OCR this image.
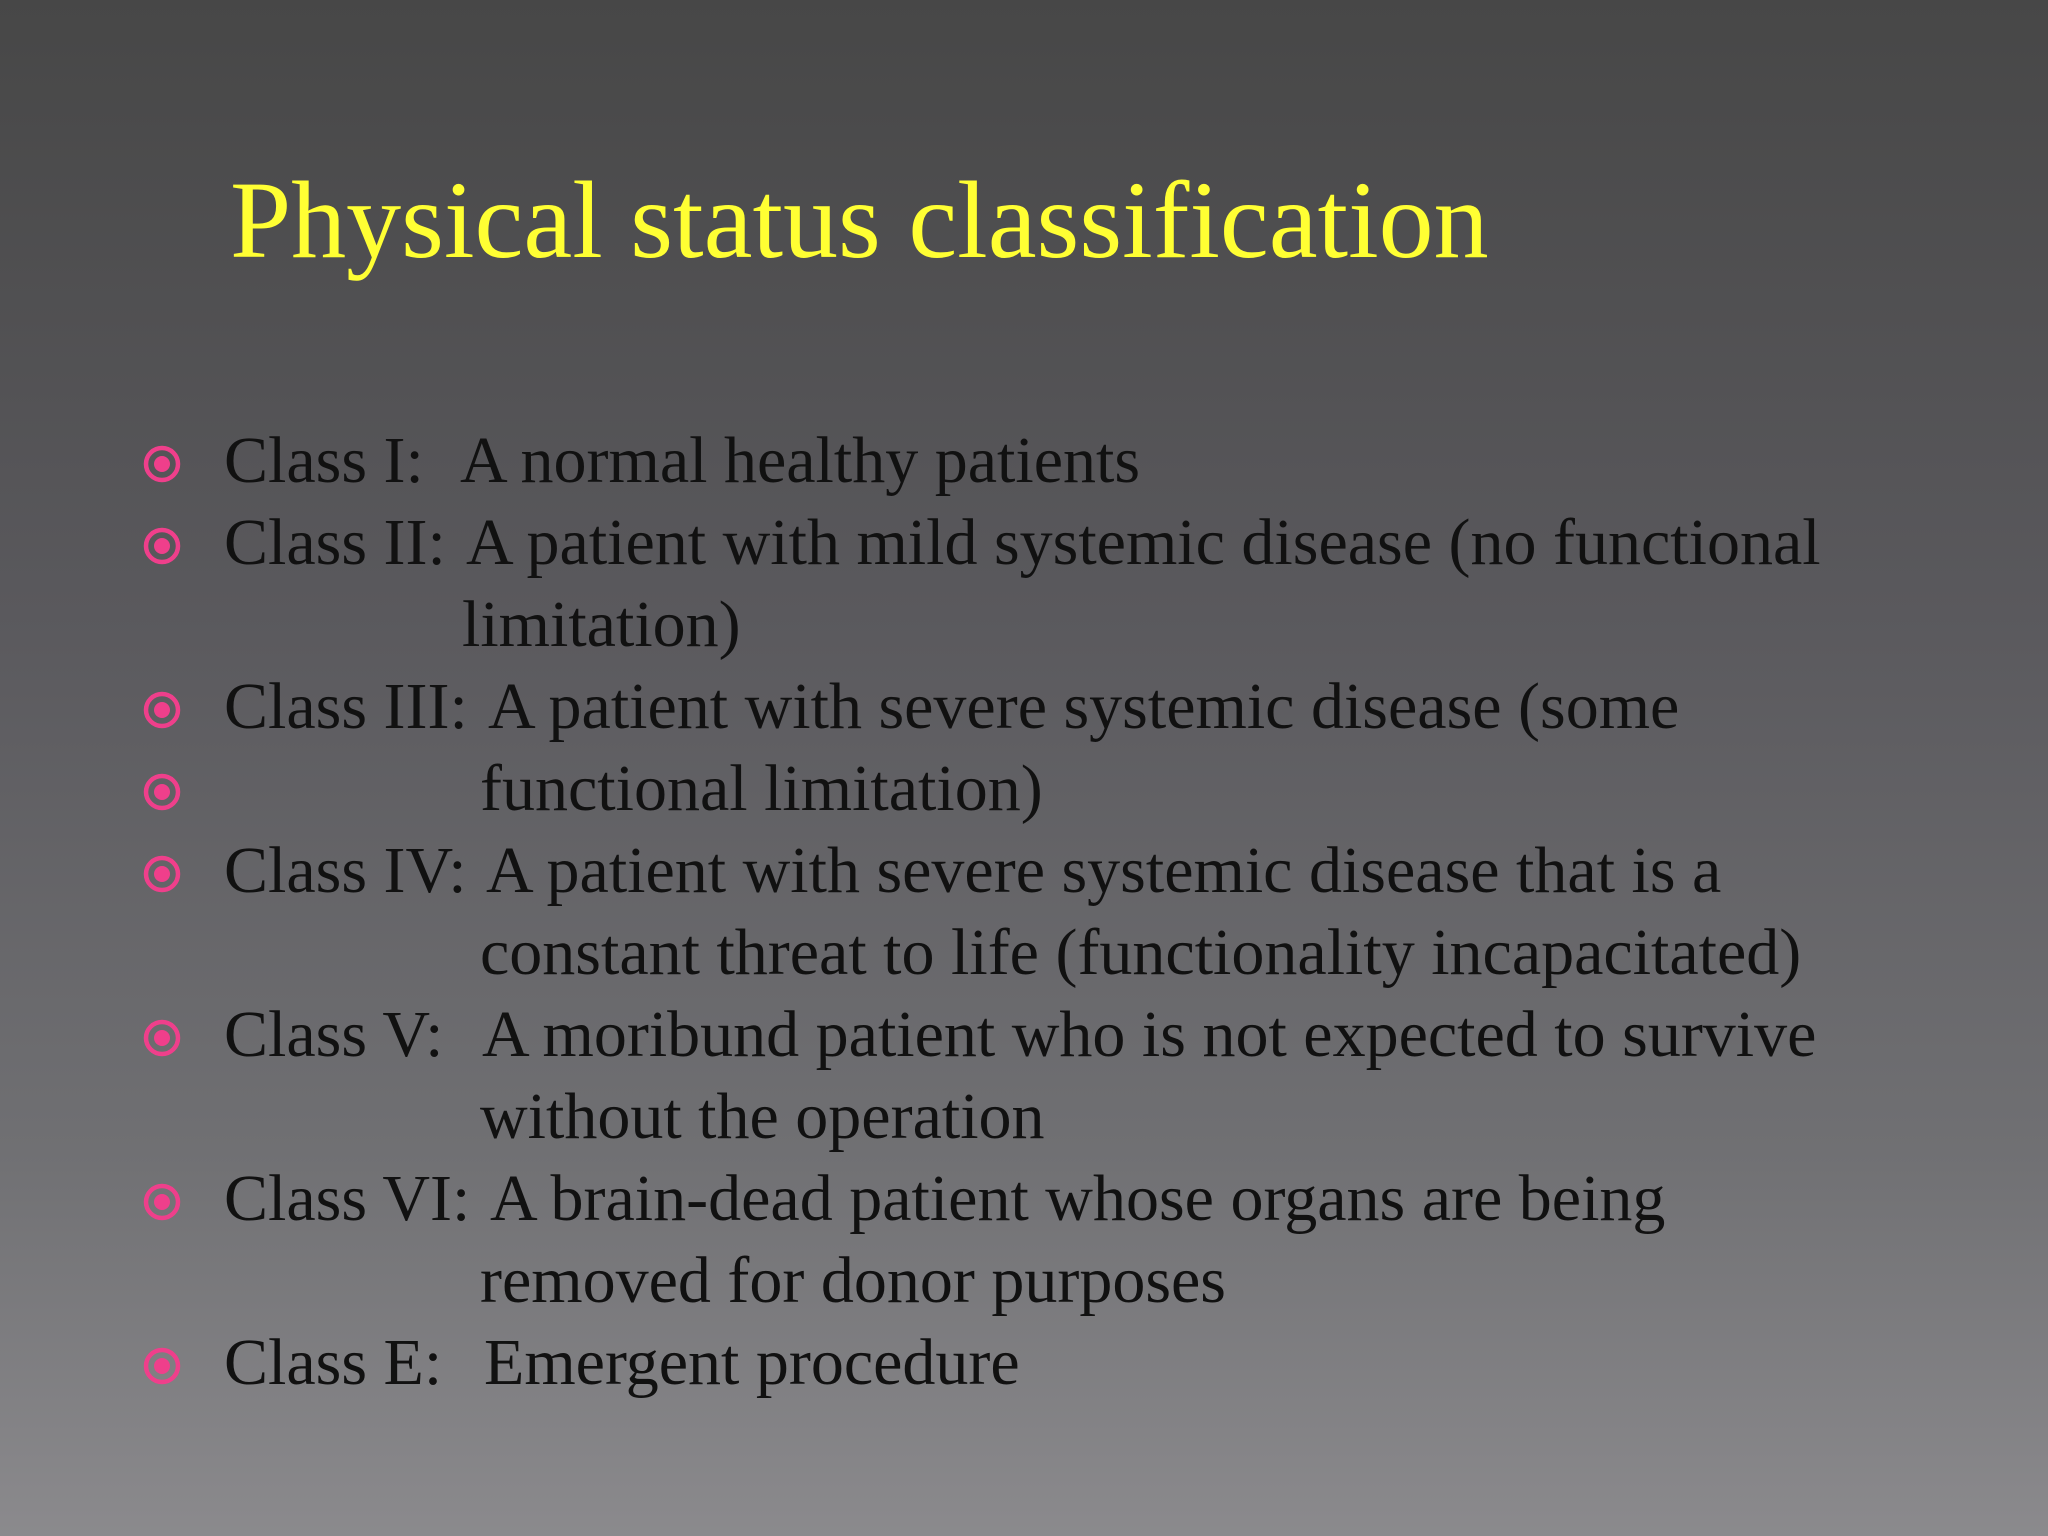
Physical status classification
Class I: A normal healthy patients
Class II: A patient with mild systemic disease (no functional
limitation)
Class III: A patient with severe systemic disease (some
functional limitation)
Class IV: A patient with severe systemic disease that is a
constant threat to life (functionality incapacitated)
Class V: A moribund patient who is not expected to survive
without the operation
Class VI: A brain-dead patient whose organs are being
removed for donor purposes
Class E: Emergent procedure
